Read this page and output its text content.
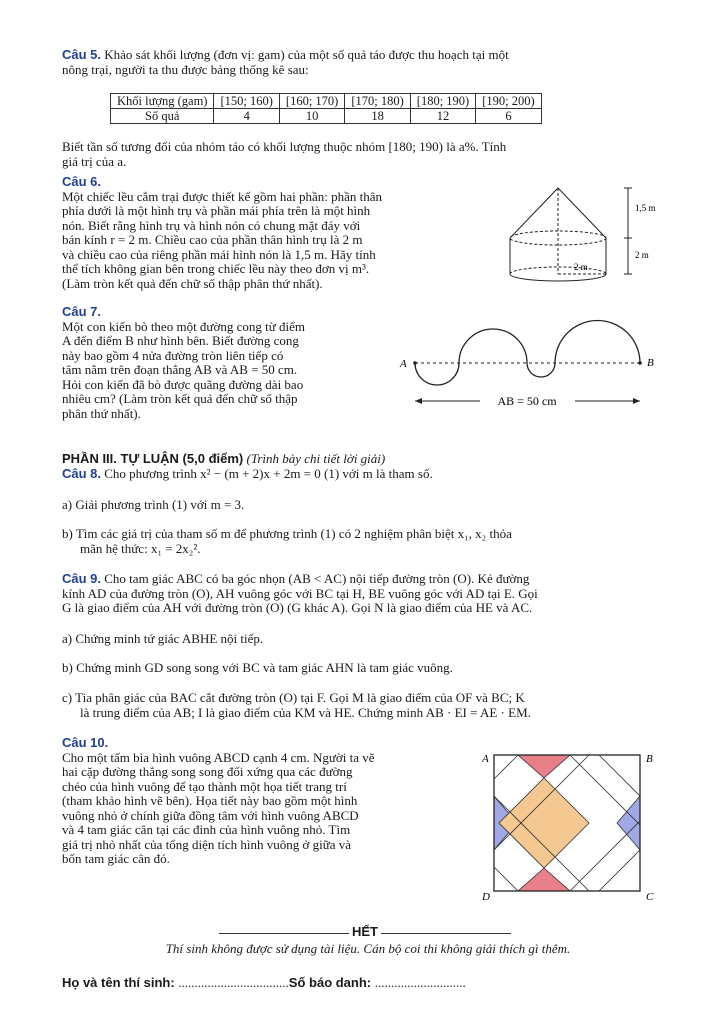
Câu 5. Khảo sát khối lượng (đơn vị: gam) của một số quả táo được thu hoạch tại một

nông trại, người ta thu được bảng thống kê sau:

Khối lượng (gam)	[150; 160)	[160; 170)	[170; 180)	[180; 190)	[190; 200)
Số quả	4	10	18	12	6

Biết tần số tương đối của nhóm táo có khối lượng thuộc nhóm [180; 190) là a%. Tính

giá trị của a.

Câu 6.

Một chiếc lều cắm trại được thiết kế gồm hai phần: phần thân

phía dưới là một hình trụ và phần mái phía trên là một hình

nón. Biết rằng hình trụ và hình nón có chung mặt đáy với

bán kính r = 2 m. Chiều cao của phần thân hình trụ là 2 m

và chiều cao của riêng phần mái hình nón là 1,5 m. Hãy tính

thể tích không gian bên trong chiếc lều này theo đơn vị m³.

(Làm tròn kết quả đến chữ số thập phân thứ nhất).

1,5 m
2 m
2 m

Câu 7.

Một con kiến bò theo một đường cong từ điểm

A đến điểm B như hình bên. Biết đường cong

này bao gồm 4 nửa đường tròn liên tiếp có

tâm nằm trên đoạn thẳng AB và AB = 50 cm.

Hỏi con kiến đã bò được quãng đường dài bao

nhiêu cm? (Làm tròn kết quả đến chữ số thập

phân thứ nhất).

A	B
AB = 50 cm

PHẦN III. TỰ LUẬN (5,0 điểm) (Trình bày chi tiết lời giải)

Câu 8. Cho phương trình x² − (m + 2)x + 2m = 0 (1) với m là tham số.

a) Giải phương trình (1) với m = 3.

b) Tìm các giá trị của tham số m để phương trình (1) có 2 nghiệm phân biệt x₁, x₂ thỏa

mãn hệ thức: x₁ = 2x₂².

Câu 9. Cho tam giác ABC có ba góc nhọn (AB < AC) nội tiếp đường tròn (O). Kẻ đường

kính AD của đường tròn (O), AH vuông góc với BC tại H, BE vuông góc với AD tại E. Gọi

G là giao điểm của AH với đường tròn (O) (G khác A). Gọi N là giao điểm của HE và AC.

a) Chứng minh tứ giác ABHE nội tiếp.

b) Chứng minh GD song song với BC và tam giác AHN là tam giác vuông.

c) Tia phân giác của BAC cắt đường tròn (O) tại F. Gọi M là giao điểm của OF và BC; K

là trung điểm của AB; I là giao điểm của KM và HE. Chứng minh AB · EI = AE · EM.

Câu 10.

Cho một tấm bìa hình vuông ABCD cạnh 4 cm. Người ta vẽ

hai cặp đường thẳng song song đối xứng qua các đường

chéo của hình vuông để tạo thành một họa tiết trang trí

(tham khảo hình vẽ bên). Họa tiết này bao gồm một hình

vuông nhỏ ở chính giữa đồng tâm với hình vuông ABCD

và 4 tam giác cân tại các đỉnh của hình vuông nhỏ. Tìm

giá trị nhỏ nhất của tổng diện tích hình vuông ở giữa và

bốn tam giác cân đó.

A	B
C
D
HẾT

Thí sinh không được sử dụng tài liệu. Cán bộ coi thi không giải thích gì thêm.

Họ và tên thí sinh: ..................................Số báo danh: ............................
